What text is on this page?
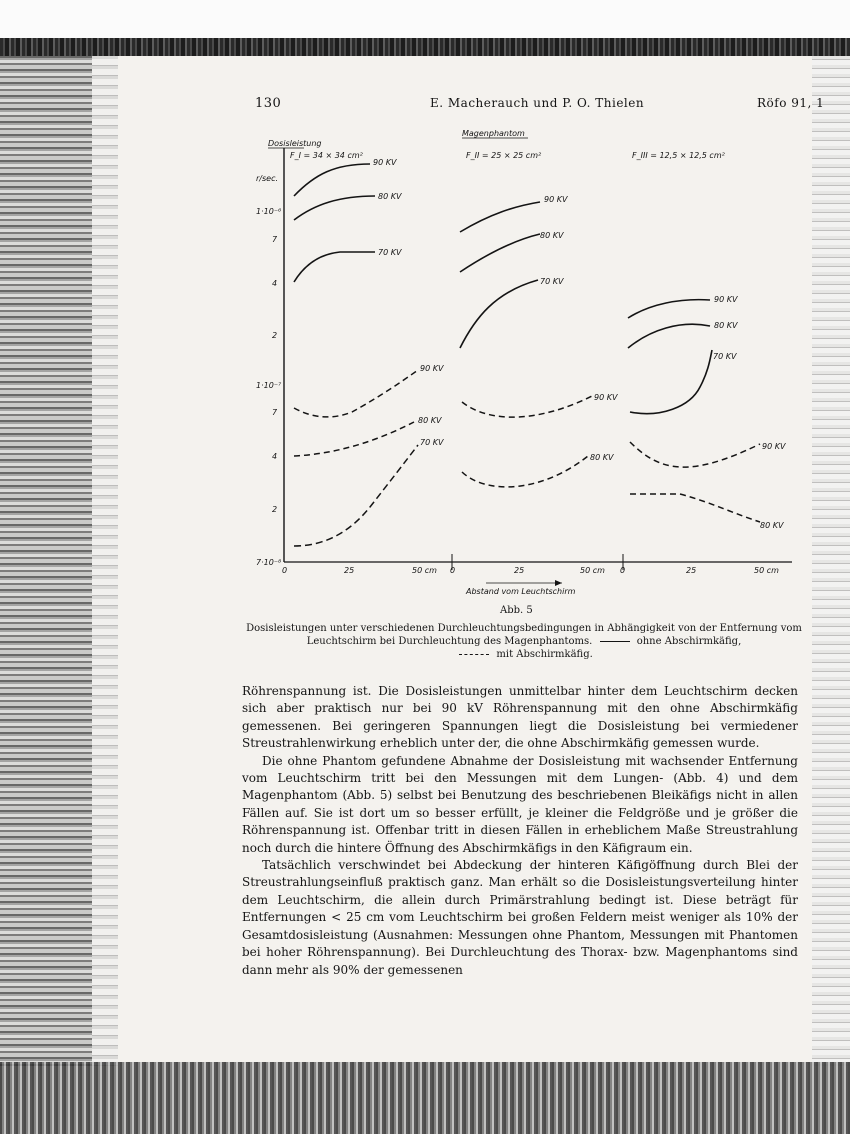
130	E. Macherauch und P. O. Thielen	Röfo 91, 1
Dosisleistung
r/sec.
1·10⁻⁶
7
4
2
1·10⁻⁷
7
4
2
7·10⁻⁸
0	25	50 cm 0	25	50 cm 0	25	50 cm
Abstand vom Leuchtschirm
Magenphantom
F_I = 34 × 34 cm²	F_II = 25 × 25 cm²	F_III = 12,5 × 12,5 cm²
90 KV
80 KV
70 KV
90 KV
80 KV
70 KV
90 KV
80 KV
70 KV
90 KV
80 KV
90 KV
80 KV
70 KV
90 KV
80 KV
Abb. 5
Dosisleistungen unter verschiedenen Durchleuchtungsbedingungen in Abhängigkeit von der Entfernung vom
Leuchtschirm bei Durchleuchtung des Magenphantoms.	ohne Abschirmkäfig,
mit Abschirmkäfig.

Röhrenspannung ist. Die Dosisleistungen unmittelbar hinter dem Leuchtschirm decken sich aber praktisch nur bei 90 kV Röhrenspannung mit den ohne Abschirmkäfig gemessenen. Bei geringeren Spannungen liegt die Dosisleistung bei vermiedener Streustrahlenwirkung erheblich unter der, die ohne Abschirmkäfig gemessen wurde.

Die ohne Phantom gefundene Abnahme der Dosisleistung mit wachsender Entfernung vom Leuchtschirm tritt bei den Messungen mit dem Lungen- (Abb. 4) und dem Magenphantom (Abb. 5) selbst bei Benutzung des beschriebenen Bleikäfigs nicht in allen Fällen auf. Sie ist dort um so besser erfüllt, je kleiner die Feldgröße und je größer die Röhrenspannung ist. Offenbar tritt in diesen Fällen in erheblichem Maße Streustrahlung noch durch die hintere Öffnung des Abschirmkäfigs in den Käfigraum ein.

Tatsächlich verschwindet bei Abdeckung der hinteren Käfigöffnung durch Blei der Streustrahlungseinfluß praktisch ganz. Man erhält so die Dosisleistungsverteilung hinter dem Leuchtschirm, die allein durch Primärstrahlung bedingt ist. Diese beträgt für Entfernungen < 25 cm vom Leuchtschirm bei großen Feldern meist weniger als 10% der Gesamtdosisleistung (Ausnahmen: Messungen ohne Phantom, Messungen mit Phantomen bei hoher Röhrenspannung). Bei Durchleuchtung des Thorax- bzw. Magenphantoms sind dann mehr als 90% der gemessenen
